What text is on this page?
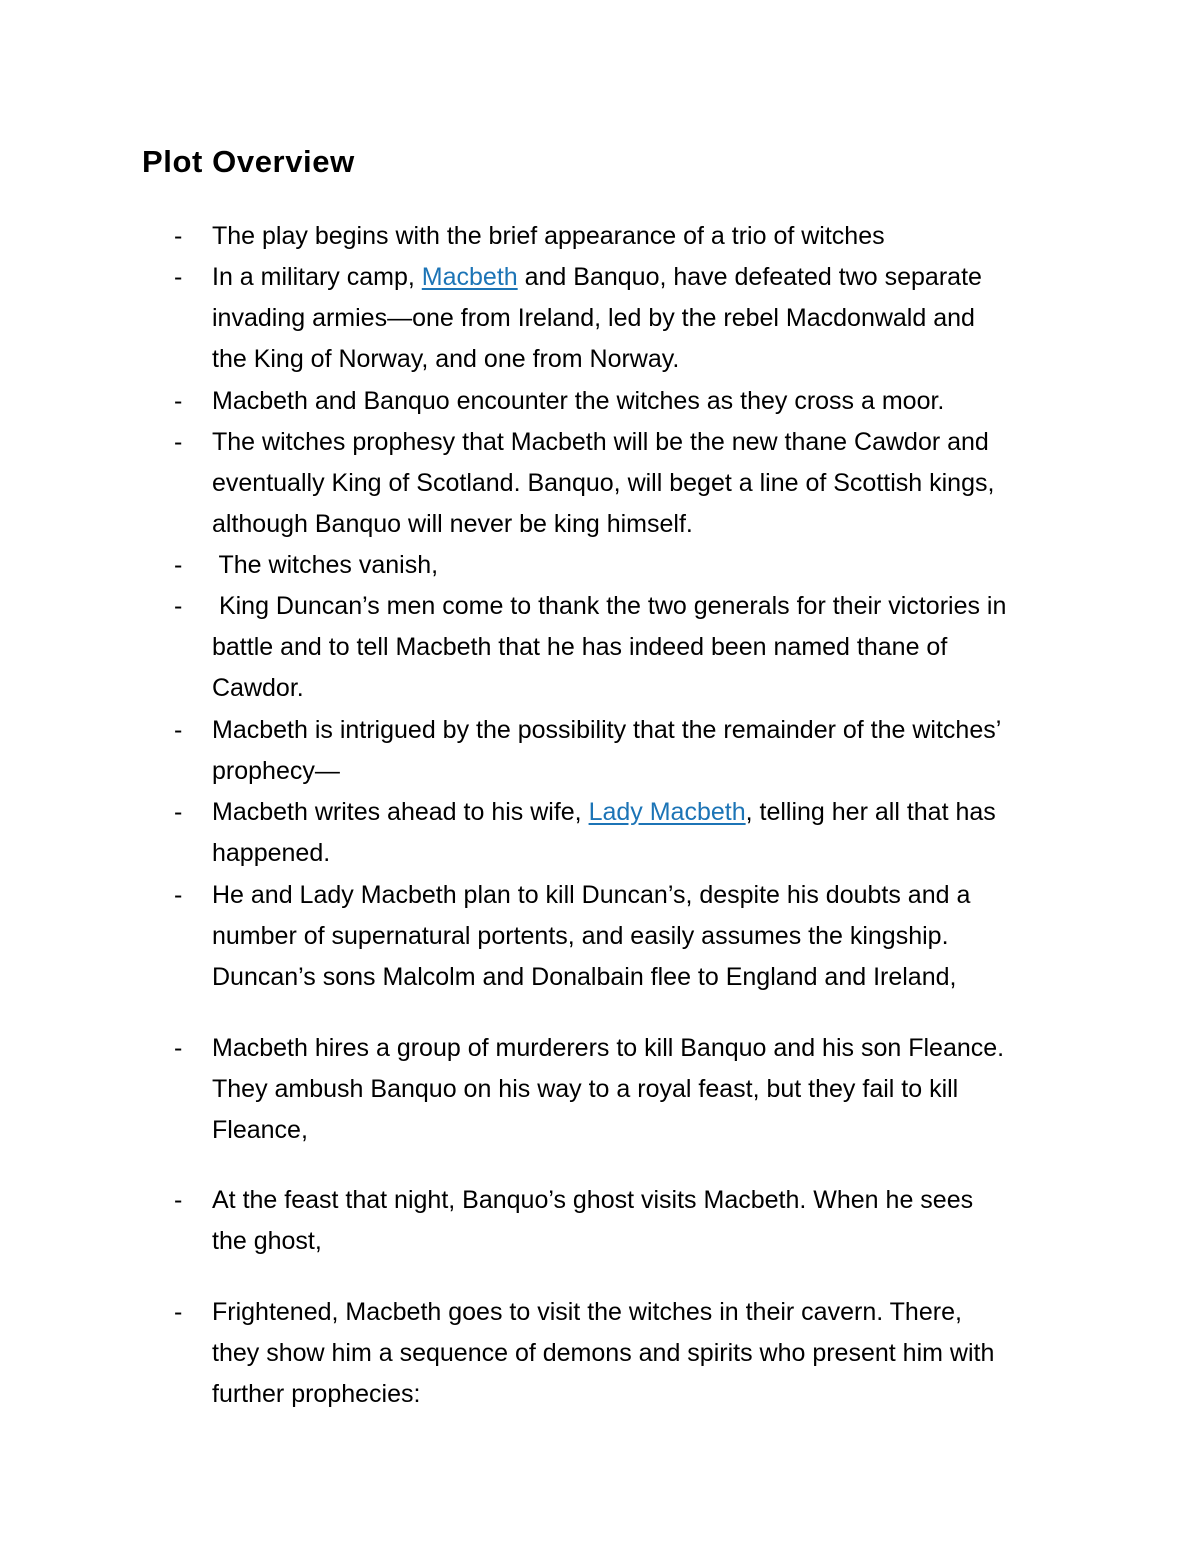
Plot Overview
- The play begins with the brief appearance of a trio of witches
- In a military camp, Macbeth and Banquo, have defeated two separate
invading armies—one from Ireland, led by the rebel Macdonwald and
the King of Norway, and one from Norway.
- Macbeth and Banquo encounter the witches as they cross a moor.
- The witches prophesy that Macbeth will be the new thane Cawdor and
eventually King of Scotland. Banquo, will beget a line of Scottish kings,
although Banquo will never be king himself.
- The witches vanish,
- King Duncan’s men come to thank the two generals for their victories in
battle and to tell Macbeth that he has indeed been named thane of
Cawdor.
- Macbeth is intrigued by the possibility that the remainder of the witches’
prophecy—
- Macbeth writes ahead to his wife, Lady Macbeth, telling her all that has
happened.
- He and Lady Macbeth plan to kill Duncan’s, despite his doubts and a
number of supernatural portents, and easily assumes the kingship.
Duncan’s sons Malcolm and Donalbain flee to England and Ireland,
- Macbeth hires a group of murderers to kill Banquo and his son Fleance.
They ambush Banquo on his way to a royal feast, but they fail to kill
Fleance,
- At the feast that night, Banquo’s ghost visits Macbeth. When he sees
the ghost,
- Frightened, Macbeth goes to visit the witches in their cavern. There,
they show him a sequence of demons and spirits who present him with
further prophecies:
